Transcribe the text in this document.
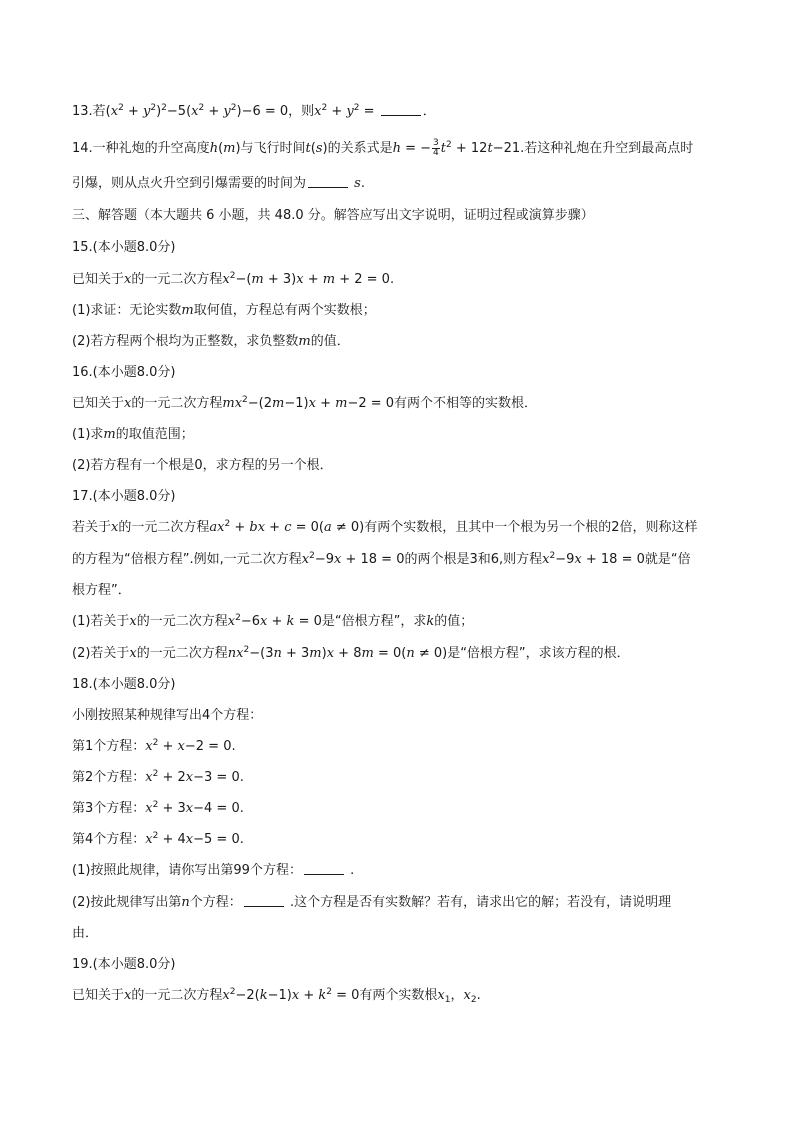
13.若$(x^2 + y^2)^2-5(x^2 + y^2)-6 = 0$，则$x^2 + y^2$ =	．
14.一种礼炮的升空高度h(m)与飞行时间t(s)的关系式是h = − $\frac{3}{4} t^2 + 12t-21$.若这种礼炮在升空到最高点时
引爆，则从点火升空到引爆需要的时间为	s.
三、解答题（本大题共 6 小题，共 48.0 分。解答应写出文字说明，证明过程或演算步骤）
15.(本小题8.0分)
已知关于x的一元二次方程$x^2-(m + 3)x + m + 2 = 0$.
(1)求证：无论实数m取何值，方程总有两个实数根；
(2)若方程两个根均为正整数，求负整数m的值．
16.(本小题8.0分)
已知关于x的一元二次方程$mx^2-(2m-1)x + m-2 = 0$有两个不相等的实数根．
(1)求m的取值范围；
(2)若方程有一个根是0，求方程的另一个根．
17.(本小题8.0分)
若关于x的一元二次方程$ax^2$ + bx + c = 0(a ≠ 0)有两个实数根，且其中一个根为另一个根的2倍，则称这样
的方程为“倍根方程”.例如,一元二次方程$x^2-9x + 18 = 0$的两个根是3和6,则方程$x^2-9x + 18 = 0$就是“倍
根方程”．
(1)若关于x的一元二次方程$x^2-6x + k = 0$是“倍根方程”，求k的值；
(2)若关于x的一元二次方程$nx^2-(3n + 3m)x + 8m = 0(n \ne 0)$是“倍根方程”，求该方程的根．
18.(本小题8.0分)
小刚按照某种规律写出4个方程：
第1个方程：$x^2 + x-2 = 0$.
第2个方程：$x^2 + 2x-3 = 0$.
第3个方程：$x^2 + 3x-4 = 0$.
第4个方程：$x^2 + 4x-5 = 0$.
(1)按照此规律，请你写出第99个方程：	.
(2)按此规律写出第n个方程：	.这个方程是否有实数解？若有，请求出它的解；若没有，请说明理
由．
19.(本小题8.0分)
已知关于x的一元二次方程$x^2-2(k-1)x + k^2 = 0$有两个实数根$x_1$，$x_2$.
